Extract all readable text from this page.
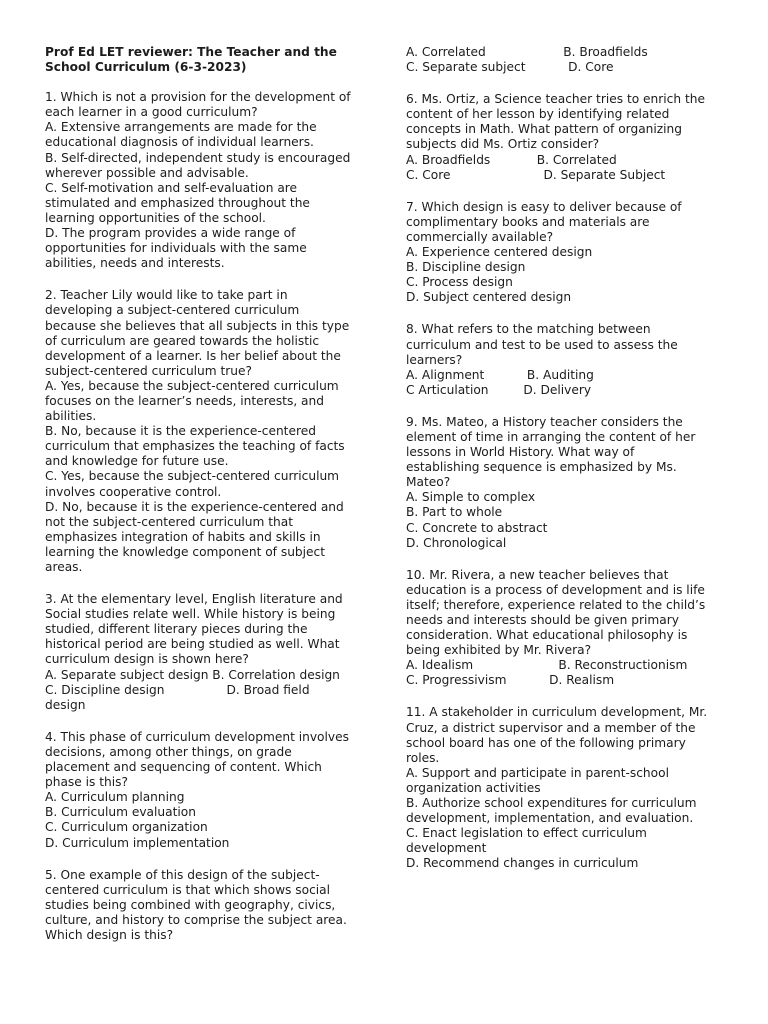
Prof Ed LET reviewer: The Teacher and the
School Curriculum (6-3-2023)
1. Which is not a provision for the development of
each learner in a good curriculum?
A. Extensive arrangements are made for the
educational diagnosis of individual learners.
B. Self-directed, independent study is encouraged
wherever possible and advisable.
C. Self-motivation and self-evaluation are
stimulated and emphasized throughout the
learning opportunities of the school.
D. The program provides a wide range of
opportunities for individuals with the same
abilities, needs and interests.
2. Teacher Lily would like to take part in
developing a subject-centered curriculum
because she believes that all subjects in this type
of curriculum are geared towards the holistic
development of a learner. Is her belief about the
subject-centered curriculum true?
A. Yes, because the subject-centered curriculum
focuses on the learner’s needs, interests, and
abilities.
B. No, because it is the experience-centered
curriculum that emphasizes the teaching of facts
and knowledge for future use.
C. Yes, because the subject-centered curriculum
involves cooperative control.
D. No, because it is the experience-centered and
not the subject-centered curriculum that
emphasizes integration of habits and skills in
learning the knowledge component of subject
areas.
3. At the elementary level, English literature and
Social studies relate well. While history is being
studied, different literary pieces during the
historical period are being studied as well. What
curriculum design is shown here?
A. Separate subject design B. Correlation design
C. Discipline design                D. Broad field
design
4. This phase of curriculum development involves
decisions, among other things, on grade
placement and sequencing of content. Which
phase is this?
A. Curriculum planning
B. Curriculum evaluation
C. Curriculum organization
D. Curriculum implementation
5. One example of this design of the subject-
centered curriculum is that which shows social
studies being combined with geography, civics,
culture, and history to comprise the subject area.
Which design is this?
A. Correlated                    B. Broadfields
C. Separate subject           D. Core
6. Ms. Ortiz, a Science teacher tries to enrich the
content of her lesson by identifying related
concepts in Math. What pattern of organizing
subjects did Ms. Ortiz consider?
A. Broadfields            B. Correlated
C. Core                        D. Separate Subject
7. Which design is easy to deliver because of
complimentary books and materials are
commercially available?
A. Experience centered design
B. Discipline design
C. Process design
D. Subject centered design
8. What refers to the matching between
curriculum and test to be used to assess the
learners?
A. Alignment           B. Auditing
C Articulation         D. Delivery
9. Ms. Mateo, a History teacher considers the
element of time in arranging the content of her
lessons in World History. What way of
establishing sequence is emphasized by Ms.
Mateo?
A. Simple to complex
B. Part to whole
C. Concrete to abstract
D. Chronological
10. Mr. Rivera, a new teacher believes that
education is a process of development and is life
itself; therefore, experience related to the child’s
needs and interests should be given primary
consideration. What educational philosophy is
being exhibited by Mr. Rivera?
A. Idealism                      B. Reconstructionism
C. Progressivism           D. Realism
11. A stakeholder in curriculum development, Mr.
Cruz, a district supervisor and a member of the
school board has one of the following primary
roles.
A. Support and participate in parent-school
organization activities
B. Authorize school expenditures for curriculum
development, implementation, and evaluation.
C. Enact legislation to effect curriculum
development
D. Recommend changes in curriculum
